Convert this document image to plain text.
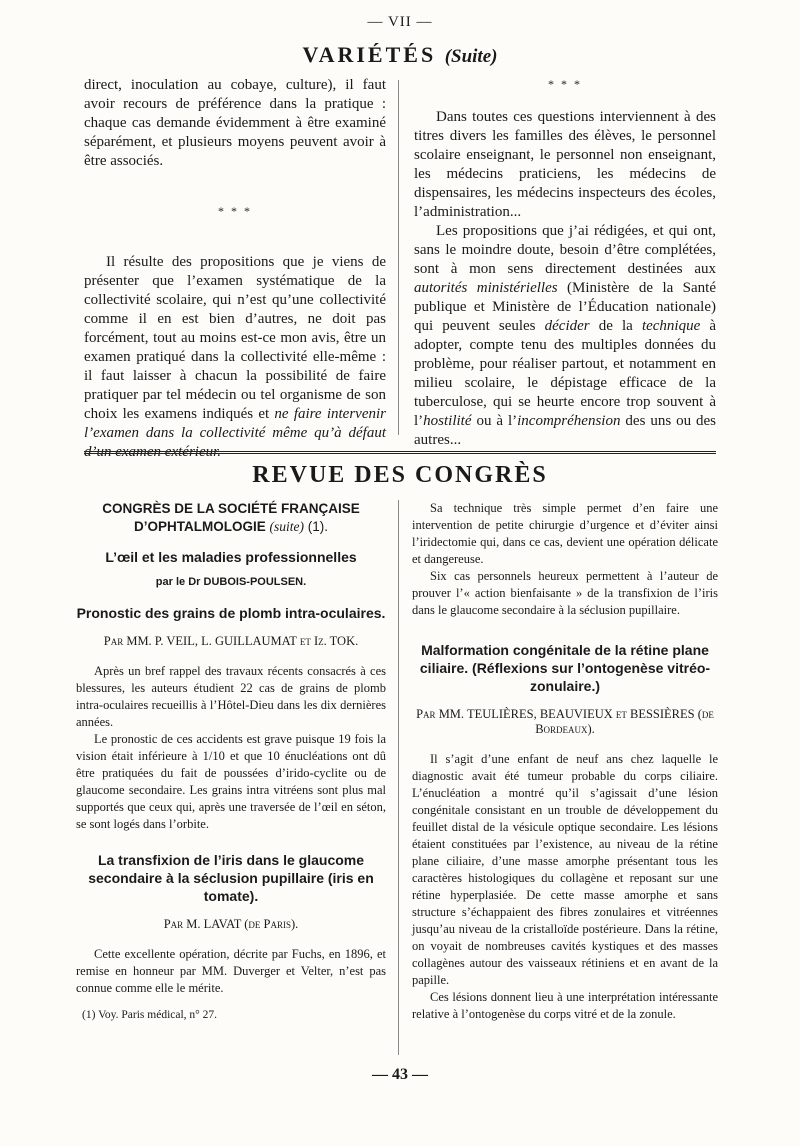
— VII —
VARIÉTÉS (Suite)

direct, inoculation au cobaye, culture), il faut avoir recours de préférence dans la pratique : chaque cas demande évidemment à être examiné séparément, et plusieurs moyens peuvent avoir à être associés.

* * *

Il résulte des propositions que je viens de présenter que l’examen systématique de la collectivité scolaire, qui n’est qu’une collectivité comme il en est bien d’autres, ne doit pas forcément, tout au moins est-ce mon avis, être un examen pratiqué dans la collectivité elle-même : il faut laisser à chacun la possibilité de faire pratiquer par tel médecin ou tel organisme de son choix les examens indiqués et ne faire intervenir l’examen dans la collectivité même qu’à défaut d’un examen extérieur.

* * *

Dans toutes ces questions interviennent à des titres divers les familles des élèves, le personnel scolaire enseignant, le personnel non enseignant, les médecins praticiens, les médecins de dispensaires, les médecins inspecteurs des écoles, l’administration...

Les propositions que j’ai rédigées, et qui ont, sans le moindre doute, besoin d’être complétées, sont à mon sens directement destinées aux autorités ministérielles (Ministère de la Santé publique et Ministère de l’Éducation nationale) qui peuvent seules décider de la technique à adopter, compte tenu des multiples données du problème, pour réaliser partout, et notamment en milieu scolaire, le dépistage efficace de la tuberculose, qui se heurte encore trop souvent à l’hostilité ou à l’incompréhension des uns ou des autres...

REVUE DES CONGRÈS
CONGRÈS DE LA SOCIÉTÉ FRANÇAISE
D’OPHTALMOLOGIE (suite) (1).
L’œil et les maladies professionnelles
par le Dr DUBOIS-POULSEN.
Pronostic des grains de plomb intra-oculaires.
Par MM. P. VEIL, L. GUILLAUMAT et Iz. TOK.

Après un bref rappel des travaux récents consacrés à ces blessures, les auteurs étudient 22 cas de grains de plomb intra-oculaires recueillis à l’Hôtel-Dieu dans les dix dernières années.

Le pronostic de ces accidents est grave puisque 19 fois la vision était inférieure à 1/10 et que 10 énucléations ont dû être pratiquées du fait de poussées d’irido-cyclite ou de glaucome secondaire. Les grains intra vitréens sont plus mal supportés que ceux qui, après une traversée de l’œil en séton, se sont logés dans l’orbite.

La transfixion de l’iris dans le glaucome secondaire à la séclusion pupillaire (iris en tomate).
Par M. LAVAT (de Paris).

Cette excellente opération, décrite par Fuchs, en 1896, et remise en honneur par MM. Duverger et Velter, n’est pas connue comme elle le mérite.

(1) Voy. Paris médical, n° 27.

Sa technique très simple permet d’en faire une intervention de petite chirurgie d’urgence et d’éviter ainsi l’iridectomie qui, dans ce cas, devient une opération délicate et dangereuse.

Six cas personnels heureux permettent à l’auteur de prouver l’« action bienfaisante » de la transfixion de l’iris dans le glaucome secondaire à la séclusion pupillaire.

Malformation congénitale de la rétine plane ciliaire. (Réflexions sur l’ontogenèse vitréo-zonulaire.)
Par MM. TEULIÈRES, BEAUVIEUX et BESSIÈRES (de Bordeaux).

Il s’agit d’une enfant de neuf ans chez laquelle le diagnostic avait été tumeur probable du corps ciliaire. L’énucléation a montré qu’il s’agissait d’une lésion congénitale consistant en un trouble de développement du feuillet distal de la vésicule optique secondaire. Les lésions étaient constituées par l’existence, au niveau de la rétine plane ciliaire, d’une masse amorphe présentant tous les caractères histologiques du collagène et reposant sur une rétine hyperplasiée. De cette masse amorphe et sans structure s’échappaient des fibres zonulaires et vitréennes jusqu’au niveau de la cristalloïde postérieure. Dans la rétine, on voyait de nombreuses cavités kystiques et des masses collagènes autour des vaisseaux rétiniens et en avant de la papille.

Ces lésions donnent lieu à une interprétation intéressante relative à l’ontogenèse du corps vitré et de la zonule.

— 43 —
